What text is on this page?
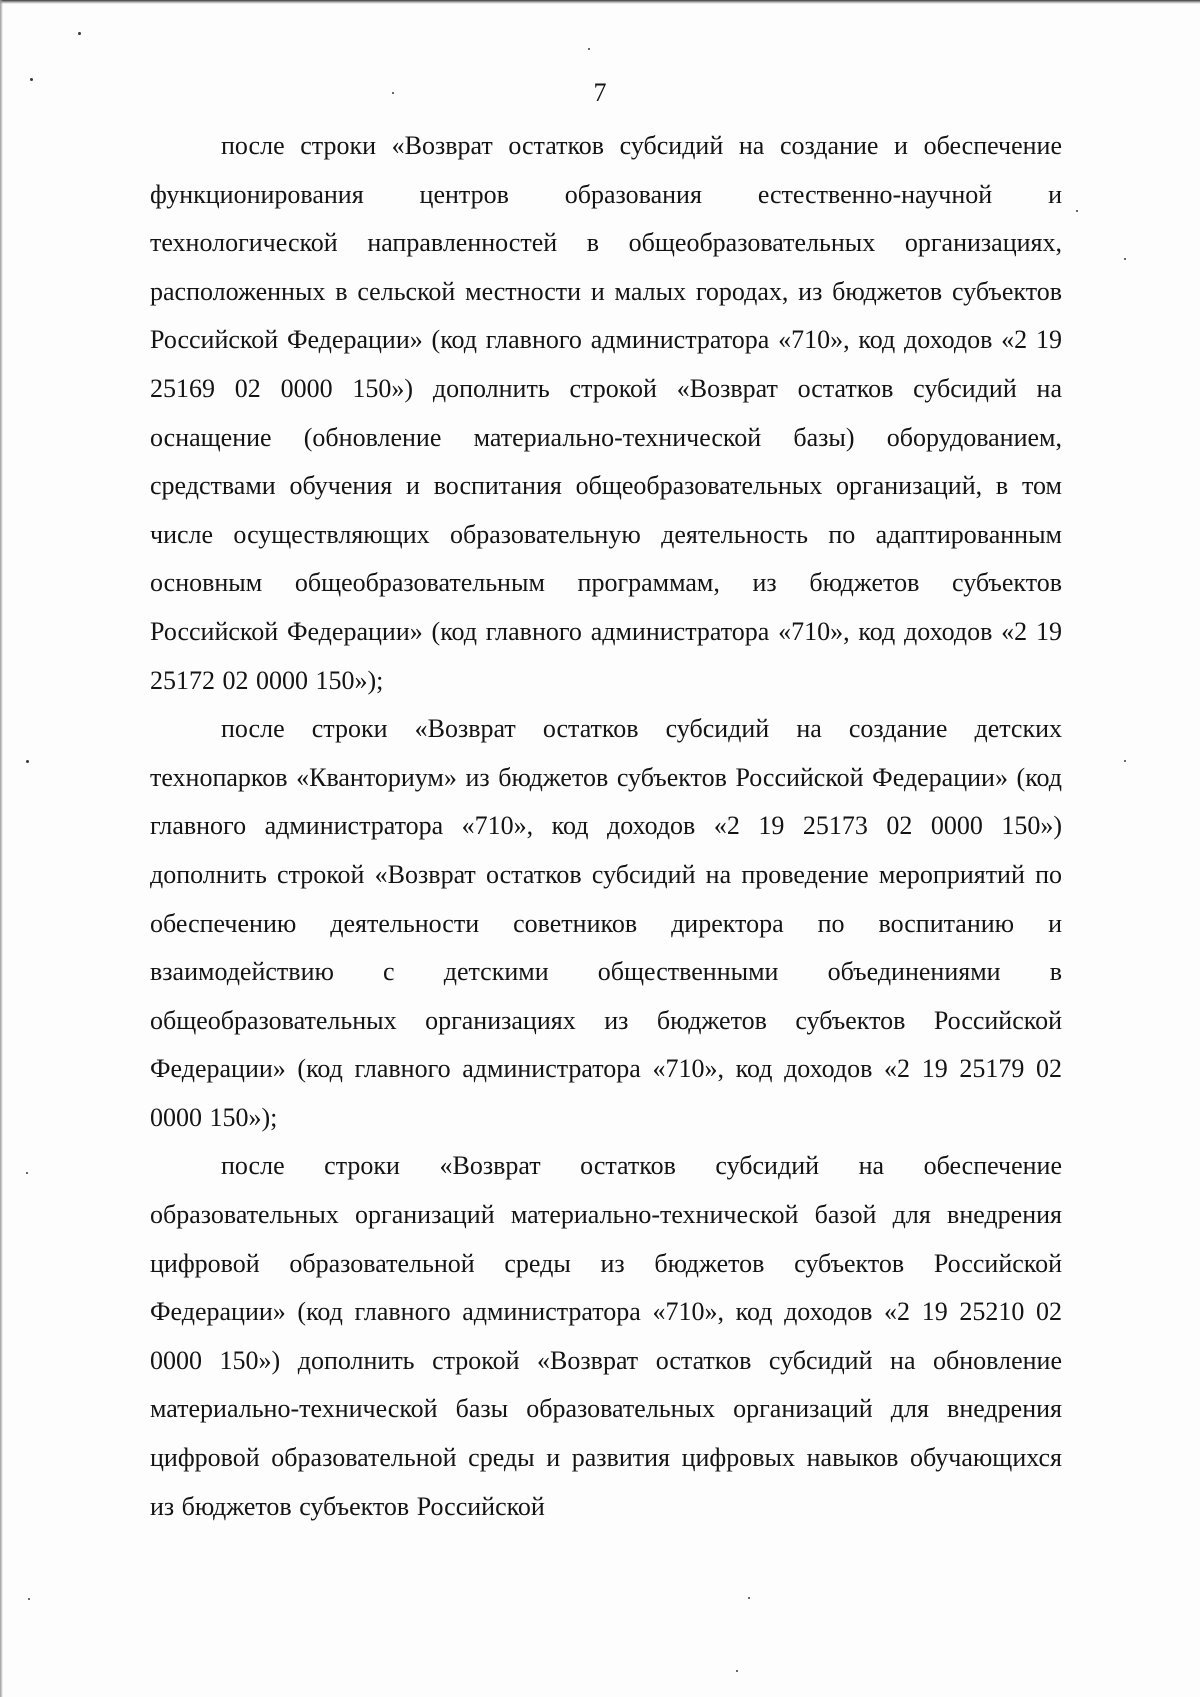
7

после строки «Возврат остатков субсидий на создание и обеспечение функционирования центров образования естественно-научной и технологической направленностей в общеобразовательных организациях, расположенных в сельской местности и малых городах, из бюджетов субъектов Российской Федерации» (код главного администратора «710», код доходов «2 19 25169 02 0000 150») дополнить строкой «Возврат остатков субсидий на оснащение (обновление материально-технической базы) оборудованием, средствами обучения и воспитания общеобразовательных организаций, в том числе осуществляющих образовательную деятельность по адаптированным основным общеобразовательным программам, из бюджетов субъектов Российской Федерации» (код главного администратора «710», код доходов «2 19 25172 02 0000 150»);

после строки «Возврат остатков субсидий на создание детских технопарков «Кванториум» из бюджетов субъектов Российской Федерации» (код главного администратора «710», код доходов «2 19 25173 02 0000 150») дополнить строкой «Возврат остатков субсидий на проведение мероприятий по обеспечению деятельности советников директора по воспитанию и взаимодействию с детскими общественными объединениями в общеобразовательных организациях из бюджетов субъектов Российской Федерации» (код главного администратора «710», код доходов «2 19 25179 02 0000 150»);

после строки «Возврат остатков субсидий на обеспечение образовательных организаций материально-технической базой для внедрения цифровой образовательной среды из бюджетов субъектов Российской Федерации» (код главного администратора «710», код доходов «2 19 25210 02 0000 150») дополнить строкой «Возврат остатков субсидий на обновление материально-технической базы образовательных организаций для внедрения цифровой образовательной среды и развития цифровых навыков обучающихся из бюджетов субъектов Российской
